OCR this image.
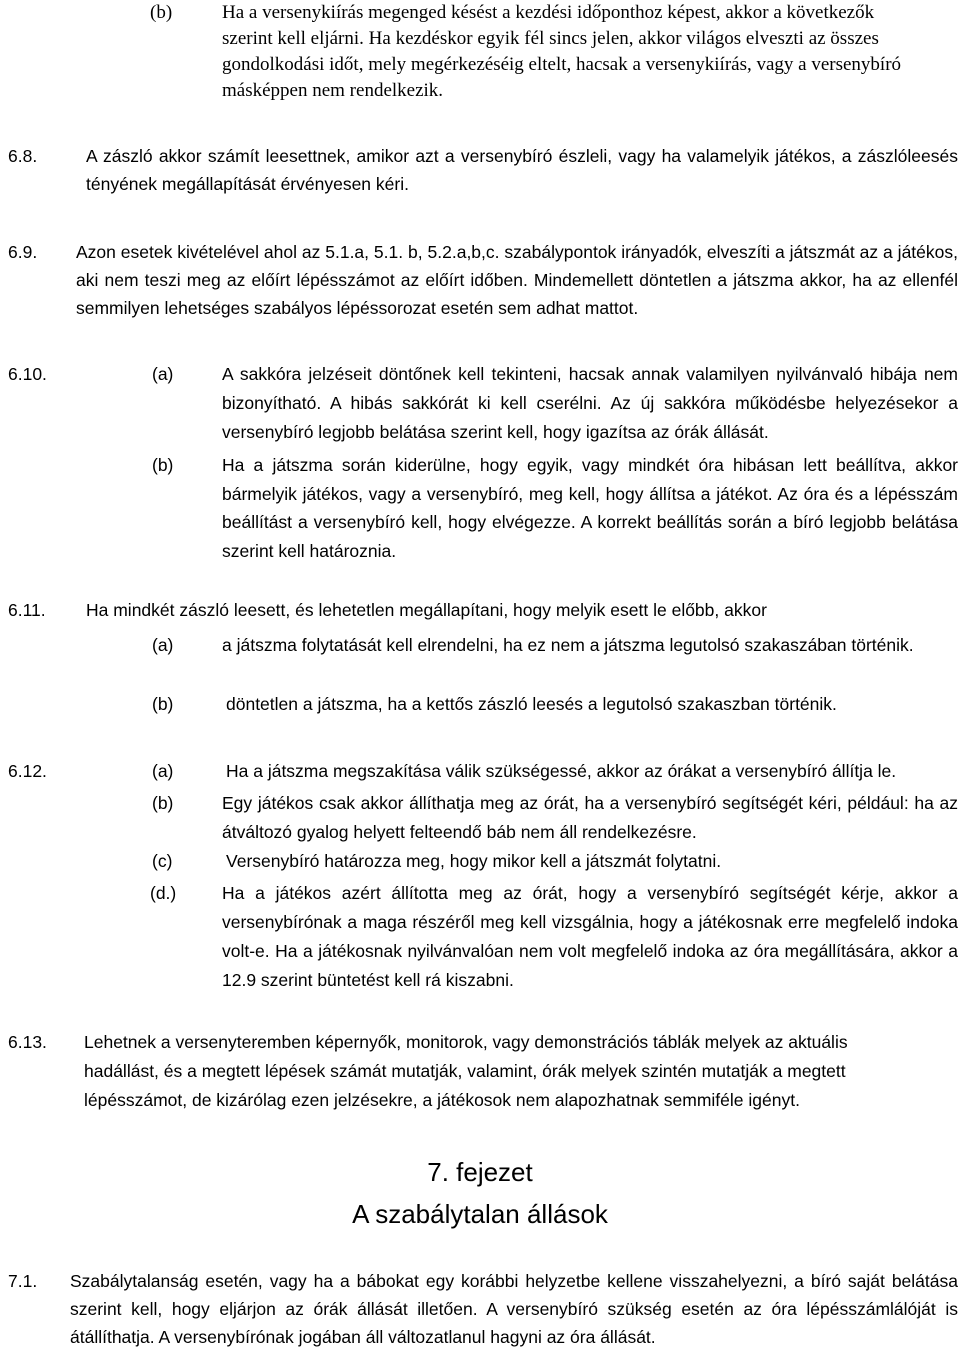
(b)	Ha a versenykiírás megenged késést a kezdési időponthoz képest, akkor a következők szerint kell eljárni. Ha kezdéskor egyik fél sincs jelen, akkor világos elveszti az összes gondolkodási időt, mely megérkezéséig eltelt, hacsak a versenykiírás, vagy a versenybíró másképpen nem rendelkezik.
6.8.	A zászló akkor számít leesettnek, amikor azt a versenybíró észleli, vagy ha valamelyik játékos, a zászlóleesés tényének megállapítását érvényesen kéri.
6.9. Azon esetek kivételével ahol az 5.1.a, 5.1. b, 5.2.a,b,c. szabálypontok irányadók, elveszíti a játszmát az a játékos, aki nem teszi meg az előírt lépésszámot az előírt időben. Mindemellett döntetlen a játszma akkor, ha az ellenfél semmilyen lehetséges szabályos lépéssorozat esetén sem adhat mattot.
6.10.	(a)	A sakkóra jelzéseit döntőnek kell tekinteni, hacsak annak valamilyen nyilvánvaló hibája nem bizonyítható. A hibás sakkórát ki kell cserélni. Az új sakkóra működésbe helyezésekor a versenybíró legjobb belátása szerint kell, hogy igazítsa az órák állását.
(b)	Ha a játszma során kiderülne, hogy egyik, vagy mindkét óra hibásan lett beállítva, akkor bármelyik játékos, vagy a versenybíró, meg kell, hogy állítsa a játékot. Az óra és a lépésszám beállítást a versenybíró kell, hogy elvégezze. A korrekt beállítás során a bíró legjobb belátása szerint kell határoznia.
6.11. Ha mindkét zászló leesett, és lehetetlen megállapítani, hogy melyik esett le előbb, akkor
(a)	a játszma folytatását kell elrendelni, ha ez nem a játszma legutolsó szakaszában történik.
(b)	döntetlen a játszma, ha a kettős zászló leesés a legutolsó szakaszban történik.
6.12.	(a)	Ha a játszma megszakítása válik szükségessé, akkor az órákat a versenybíró állítja le.
(b)	Egy játékos csak akkor állíthatja meg az órát, ha a versenybíró segítségét kéri, például: ha az átváltozó gyalog helyett felteendő báb nem áll rendelkezésre.
(c)	Versenybíró határozza meg, hogy mikor kell a játszmát folytatni.
(d.)	Ha a játékos azért állította meg az órát, hogy a versenybíró segítségét kérje, akkor a versenybírónak a maga részéről meg kell vizsgálnia, hogy a játékosnak erre megfelelő indoka volt-e. Ha a játékosnak nyilvánvalóan nem volt megfelelő indoka az óra megállítására, akkor a 12.9 szerint büntetést kell rá kiszabni.
6.13. Lehetnek a versenyteremben képernyők, monitorok, vagy demonstrációs táblák melyek az aktuális hadállást, és a megtett lépések számát mutatják, valamint, órák melyek szintén mutatják a megtett lépésszámot, de kizárólag ezen jelzésekre, a játékosok nem alapozhatnak semmiféle igényt.
7. fejezet
A szabálytalan állások
7.1. Szabálytalanság esetén, vagy ha a bábokat egy korábbi helyzetbe kellene visszahelyezni, a bíró saját belátása szerint kell, hogy eljárjon az órák állását illetően. A versenybíró szükség esetén az óra lépésszámlálóját is átállíthatja. A versenybírónak jogában áll változatlanul hagyni az óra állását.
